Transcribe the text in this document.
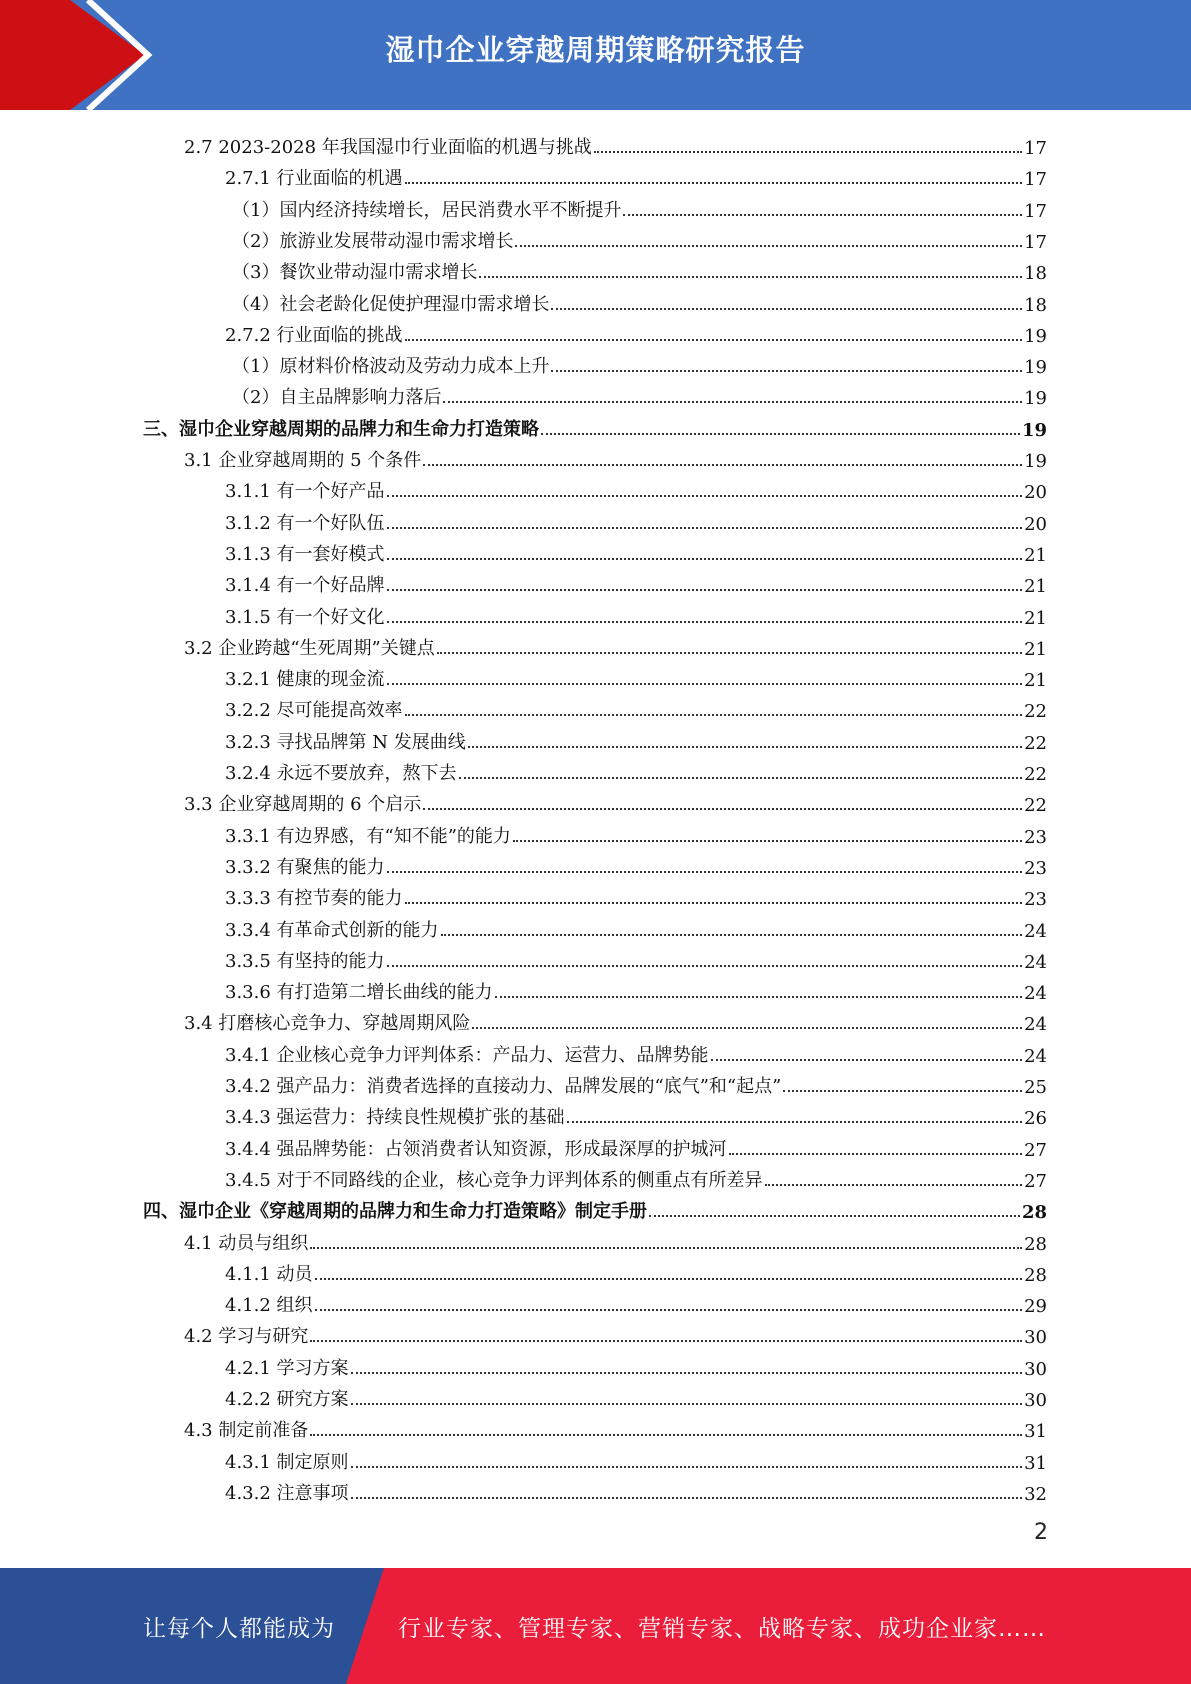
湿巾企业穿越周期策略研究报告
2.7 2023-2028 年我国湿巾行业面临的机遇与挑战	17
2.7.1 行业面临的机遇	17
（1）国内经济持续增长，居民消费水平不断提升	17
（2）旅游业发展带动湿巾需求增长	17
（3）餐饮业带动湿巾需求增长	18
（4）社会老龄化促使护理湿巾需求增长	18
2.7.2 行业面临的挑战	19
（1）原材料价格波动及劳动力成本上升	19
（2）自主品牌影响力落后	19
三、湿巾企业穿越周期的品牌力和生命力打造策略	19
3.1 企业穿越周期的 5 个条件	19
3.1.1 有一个好产品	20
3.1.2 有一个好队伍	20
3.1.3 有一套好模式	21
3.1.4 有一个好品牌	21
3.1.5 有一个好文化	21
3.2 企业跨越“生死周期”关键点	21
3.2.1 健康的现金流	21
3.2.2 尽可能提高效率	22
3.2.3 寻找品牌第 N 发展曲线	22
3.2.4 永远不要放弃，熬下去	22
3.3 企业穿越周期的 6 个启示	22
3.3.1 有边界感，有“知不能”的能力	23
3.3.2 有聚焦的能力	23
3.3.3 有控节奏的能力	23
3.3.4 有革命式创新的能力	24
3.3.5 有坚持的能力	24
3.3.6 有打造第二增长曲线的能力	24
3.4 打磨核心竞争力、穿越周期风险	24
3.4.1 企业核心竞争力评判体系：产品力、运营力、品牌势能	24
3.4.2 强产品力：消费者选择的直接动力、品牌发展的“底气”和“起点”	25
3.4.3 强运营力：持续良性规模扩张的基础	26
3.4.4 强品牌势能：占领消费者认知资源，形成最深厚的护城河	27
3.4.5 对于不同路线的企业，核心竞争力评判体系的侧重点有所差异	27
四、湿巾企业《穿越周期的品牌力和生命力打造策略》制定手册	28
4.1 动员与组织	28
4.1.1 动员	28
4.1.2 组织	29
4.2 学习与研究	30
4.2.1 学习方案	30
4.2.2 研究方案	30
4.3 制定前准备	31
4.3.1 制定原则	31
4.3.2 注意事项	32
2
让每个人都能成为	行业专家、管理专家、营销专家、战略专家、成功企业家……
